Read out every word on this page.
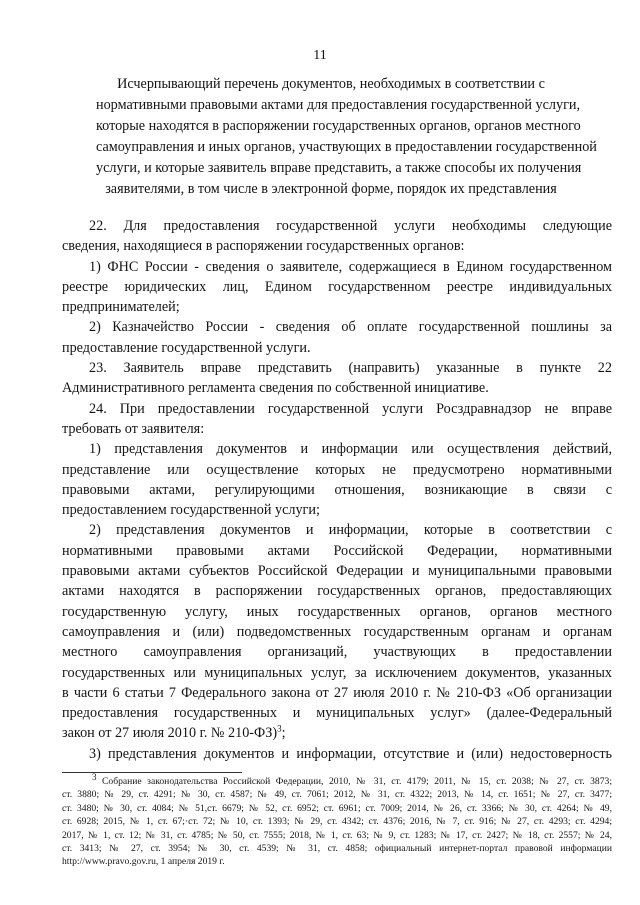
11
Исчерпывающий перечень документов, необходимых в соответствии с
нормативными правовыми актами для предоставления государственной услуги,
которые находятся в распоряжении государственных органов, органов местного
самоуправления и иных органов, участвующих в предоставлении государственной
услуги, и которые заявитель вправе представить, а также способы их получения
заявителями, в том числе в электронной форме, порядок их представления
22. Для предоставления государственной услуги необходимы следующие
сведения, находящиеся в распоряжении государственных органов:
1) ФНС России - сведения о заявителе, содержащиеся в Едином государственном
реестре юридических лиц, Едином государственном реестре индивидуальных
предпринимателей;
2) Казначейство России - сведения об оплате государственной пошлины за
предоставление государственной услуги.
23. Заявитель вправе представить (направить) указанные в пункте 22
Административного регламента сведения по собственной инициативе.
24. При предоставлении государственной услуги Росздравнадзор не вправе
требовать от заявителя:
1) представления документов и информации или осуществления действий,
представление или осуществление которых не предусмотрено нормативными
правовыми актами, регулирующими отношения, возникающие в связи с
предоставлением государственной услуги;
2) представления документов и информации, которые в соответствии с
нормативными правовыми актами Российской Федерации, нормативными
правовыми актами субъектов Российской Федерации и муниципальными правовыми
актами находятся в распоряжении государственных органов, предоставляющих
государственную услугу, иных государственных органов, органов местного
самоуправления и (или) подведомственных государственным органам и органам
местного самоуправления организаций, участвующих в предоставлении
государственных или муниципальных услуг, за исключением документов, указанных
в части 6 статьи 7 Федерального закона от 27 июля 2010 г. № 210-ФЗ «Об организации
предоставления государственных и муниципальных услуг» (далее-Федеральный
закон от 27 июля 2010 г. № 210-ФЗ)$^3$;
3) представления документов и информации, отсутствие и (или) недостоверность
$^3$ Собрание законодательства Российской Федерации, 2010, № 31, ст. 4179; 2011, № 15, ст. 2038; № 27, ст. 3873;
ст. 3880; № 29, ст. 4291; № 30, ст. 4587; № 49, ст. 7061; 2012, № 31, ст. 4322; 2013, № 14, ст. 1651; № 27, ст. 3477;
ст. 3480; № 30, ст. 4084; № 51,ст. 6679; № 52, ст. 6952; ст. 6961; ст. 7009; 2014, № 26, ст. 3366; № 30, ст. 4264; № 49,
ст. 6928; 2015, № 1, ст. 67;·ст. 72; № 10, ст. 1393; № 29, ст. 4342; ст. 4376; 2016, № 7, ст. 916; № 27, ст. 4293; ст. 4294;
2017, № 1, ст. 12; № 31, ст. 4785; № 50, ст. 7555; 2018, № 1, ст. 63; № 9, ст. 1283; № 17, ст. 2427; № 18, ст. 2557; № 24,
ст. 3413; № 27, ст. 3954; № 30, ст. 4539; № 31, ст. 4858; официальный интернет-портал правовой информации
http://www.pravo.gov.ru, 1 апреля 2019 г.
